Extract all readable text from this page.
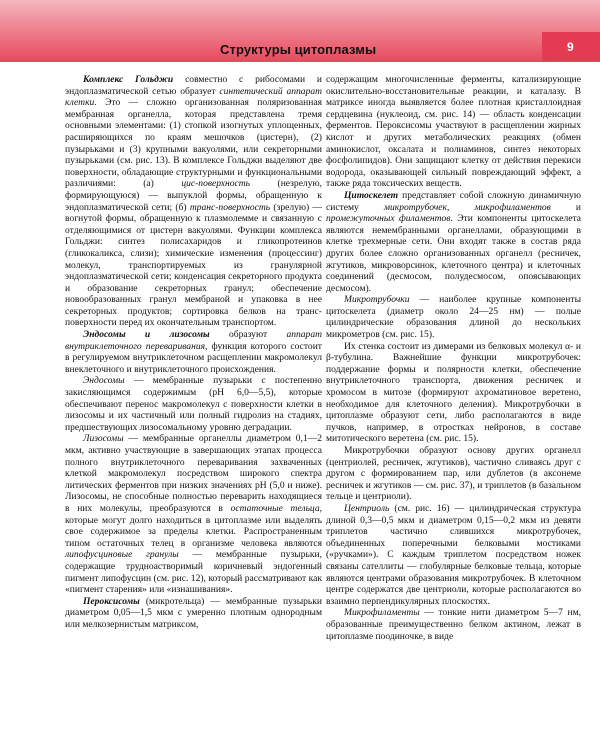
Структуры цитоплазмы	9

Комплекс Гольджи совместно с рибосомами и эндоплазматической сетью образует синтетический аппарат клетки. Это — сложно организованная поляризованная мембранная органелла, которая представлена тремя основными элементами: (1) стопкой изогнутых уплощенных, расширяющихся по краям мешочков (цистерн), (2) пузырьками и (3) крупными вакуолями, или секреторными пузырьками (см. рис. 13). В комплексе Гольджи выделяют две поверхности, обладающие структурными и функциональными различиями: (а) цис-поверхность (незрелую, формирующуюся) — выпуклой формы, обращенную к эндоплазматической сети; (б) транс-поверхность (зрелую) — вогнутой формы, обращенную к плазмолемме и связанную с отделяющимися от цистерн вакуолями. Функции комплекса Гольджи: синтез полисахаридов и гликопротеинов (гликокаликса, слизи); химические изменения (процессинг) молекул, транспортируемых из гранулярной эндоплазматической сети; конденсация секреторного продукта и образование секреторных гранул; обеспечение новообразованных гранул мембраной и упаковка в нее секреторных продуктов; сортировка белков на транс-поверхности перед их окончательным транспортом.

Эндосомы и лизосомы образуют аппарат внутриклеточного переваривания, функция которого состоит в регулируемом внутриклеточном расщеплении макромолекул внеклеточного и внутриклеточного происхождения.

Эндосомы — мембранные пузырьки с постепенно закисляющимся содержимым (pH 6,0—5,5), которые обеспечивают перенос макромолекул с поверхности клетки в лизосомы и их частичный или полный гидролиз на стадиях, предшествующих лизосомальному уровню деградации.

Лизосомы — мембранные органеллы диаметром 0,1—2 мкм, активно участвующие в завершающих этапах процесса полного внутриклеточного переваривания захваченных клеткой макромолекул посредством широкого спектра литических ферментов при низких значениях pH (5,0 и ниже). Лизосомы, не способные полностью переварить находящиеся в них молекулы, преобразуются в остаточные тельца, которые могут долго находиться в цитоплазме или выделять свое содержимое за пределы клетки. Распространенным типом остаточных телец в организме человека являются липофусциновые гранулы — мембранные пузырьки, содержащие трудноастворимый коричневый эндогенный пигмент липофусцин (см. рис. 12), который рассматривают как «пигмент старения» или «изнашивания».

Пероксисомы (микротельца) — мембранные пузырьки диаметром 0,05—1,5 мкм с умеренно плотным однородным или мелкозернистым матриксом,

содержащим многочисленные ферменты, катализирующие окислительно-восстановительные реакции, и каталазу. В матриксе иногда выявляется более плотная кристаллоидная сердцевина (нуклеоид, см. рис. 14) — область конденсации ферментов. Пероксисомы участвуют в расщеплении жирных кислот и других метаболических реакциях (обмен аминокислот, оксалата и полиаминов, синтез некоторых фосфолипидов). Они защищают клетку от действия перекиси водорода, оказывающей сильный повреждающий эффект, а также ряда токсических веществ.

Цитоскелет представляет собой сложную динамичную систему микротрубочек, микрофиламентов и промежуточных филаментов. Эти компоненты цитоскелета являются немембранными органеллами, образующими в клетке трехмерные сети. Они входят также в состав ряда других более сложно организованных органелл (ресничек, жгутиков, микроворсинок, клеточного центра) и клеточных соединений (десмосом, полудесмосом, опоясывающих десмосом).

Микротрубочки — наиболее крупные компоненты цитоскелета (диаметр около 24—25 нм) — полые цилиндрические образования длиной до нескольких микрометров (см. рис. 15).

Их стенка состоит из димерами из белковых молекул α- и β-тубулина. Важнейшие функции микротрубочек: поддержание формы и полярности клетки, обеспечение внутриклеточного транспорта, движения ресничек и хромосом в митозе (формируют ахроматиновое веретено, необходимое для клеточного деления). Микротрубочки в цитоплазме образуют сети, либо располагаются в виде пучков, например, в отростках нейронов, в составе митотического веретена (см. рис. 15).

Микротрубочки образуют основу других органелл (центриолей, ресничек, жгутиков), частично сливаясь друг с другом с формированием пар, или дублетов (в аксонеме ресничек и жгутиков — см. рис. 37), и триплетов (в базальном тельце и центриоли).

Центриоль (см. рис. 16) — цилиндрическая структура длиной 0,3—0,5 мкм и диаметром 0,15—0,2 мкм из девяти триплетов частично слившихся микротрубочек, объединенных поперечными белковыми мостиками («ручками»). С каждым триплетом посредством ножек связаны сателлиты — глобулярные белковые тельца, которые являются центрами образования микротрубочек. В клеточном центре содержатся две центриоли, которые располагаются во взаимно перпендикулярных плоскостях.

Микрофиламенты — тонкие нити диаметром 5—7 нм, образованные преимущественно белком актином, лежат в цитоплазме поодиночке, в виде
